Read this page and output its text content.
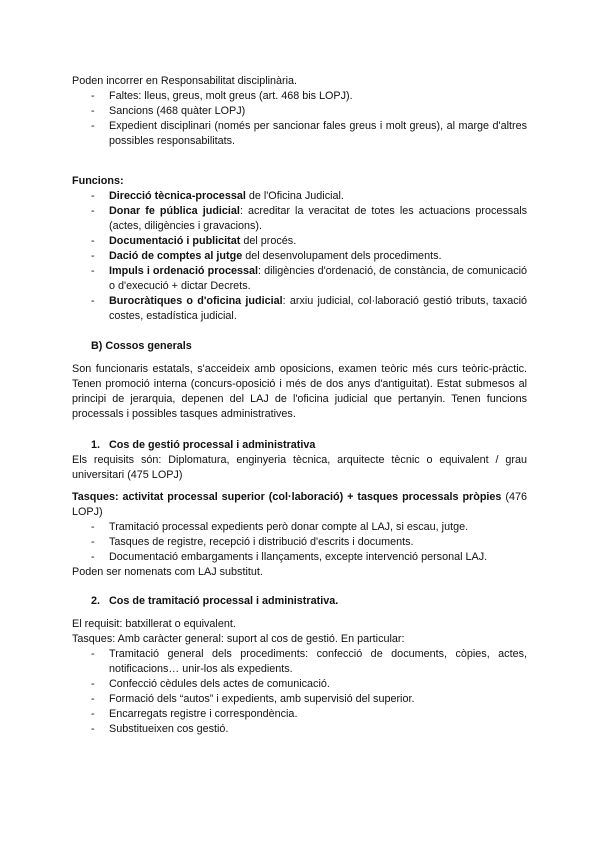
Poden incorrer en Responsabilitat disciplinària.

- Faltes: lleus, greus, molt greus (art. 468 bis LOPJ).
- Sancions (468 quàter LOPJ)
- Expedient disciplinari (només per sancionar fales greus i molt greus), al marge d'altres possibles responsabilitats.

Funcions:

- Direcció tècnica-processal de l'Oficina Judicial.
- Donar fe pública judicial: acreditar la veracitat de totes les actuacions processals (actes, diligències i gravacions).
- Documentació i publicitat del procés.
- Dació de comptes al jutge del desenvolupament dels procediments.
- Impuls i ordenació processal: diligències d'ordenació, de constància, de comunicació o d'execució + dictar Decrets.
- Burocràtiques o d'oficina judicial: arxiu judicial, col·laboració gestió tributs, taxació costes, estadística judicial.

B) Cossos generals

Son funcionaris estatals, s'acceideix amb oposicions, examen teòric més curs teòric-pràctic. Tenen promoció interna (concurs-oposició i més de dos anys d'antiguitat). Estat submesos al principi de jerarquia, depenen del LAJ de l'oficina judicial que pertanyin. Tenen funcions processals i possibles tasques administratives.

1. Cos de gestió processal i administrativa

Els requisits són: Diplomatura, enginyeria tècnica, arquitecte tècnic o equivalent / grau universitari (475 LOPJ)

Tasques: activitat processal superior (col·laboració) + tasques processals pròpies (476 LOPJ)

- Tramitació processal expedients però donar compte al LAJ, si escau, jutge.
- Tasques de registre, recepció i distribució d'escrits i documents.
- Documentació embargaments i llançaments, excepte intervenció personal LAJ.

Poden ser nomenats com LAJ substitut.

2. Cos de tramitació processal i administrativa.

El requisit: batxillerat o equivalent.

Tasques: Amb caràcter general: suport al cos de gestió. En particular:

- Tramitació general dels procediments: confecció de documents, còpies, actes, notificacions… unir-los als expedients.
- Confecció cèdules dels actes de comunicació.
- Formació dels “autos” i expedients, amb supervisió del superior.
- Encarregats registre i correspondència.
- Substitueixen cos gestió.
